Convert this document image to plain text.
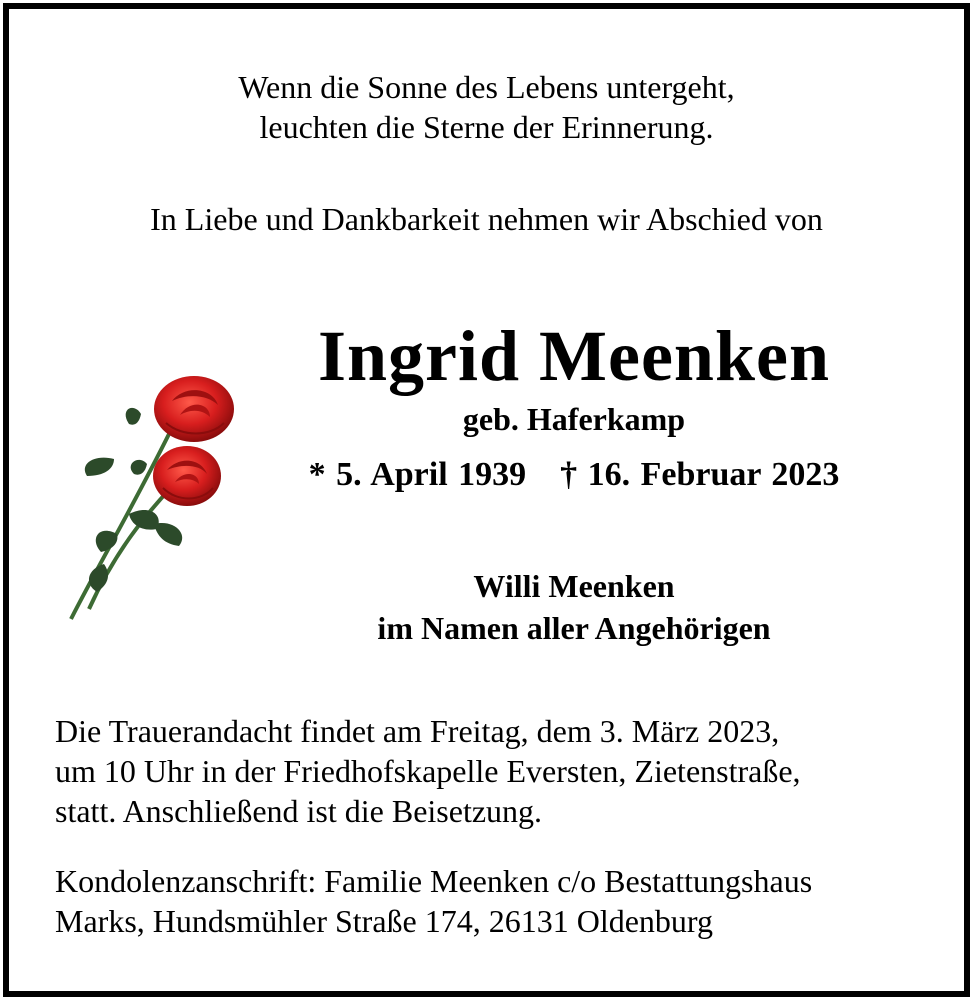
Wenn die Sonne des Lebens untergeht,
leuchten die Sterne der Erinnerung.
In Liebe und Dankbarkeit nehmen wir Abschied von
Ingrid Meenken
geb. Haferkamp
* 5. April 1939 † 16. Februar 2023
Willi Meenken
im Namen aller Angehörigen
Die Trauerandacht findet am Freitag, dem 3. März 2023,
um 10 Uhr in der Friedhofskapelle Eversten, Zietenstraße,
statt. Anschließend ist die Beisetzung.
Kondolenzanschrift: Familie Meenken c/o Bestattungshaus
Marks, Hundsmühler Straße 174, 26131 Oldenburg
